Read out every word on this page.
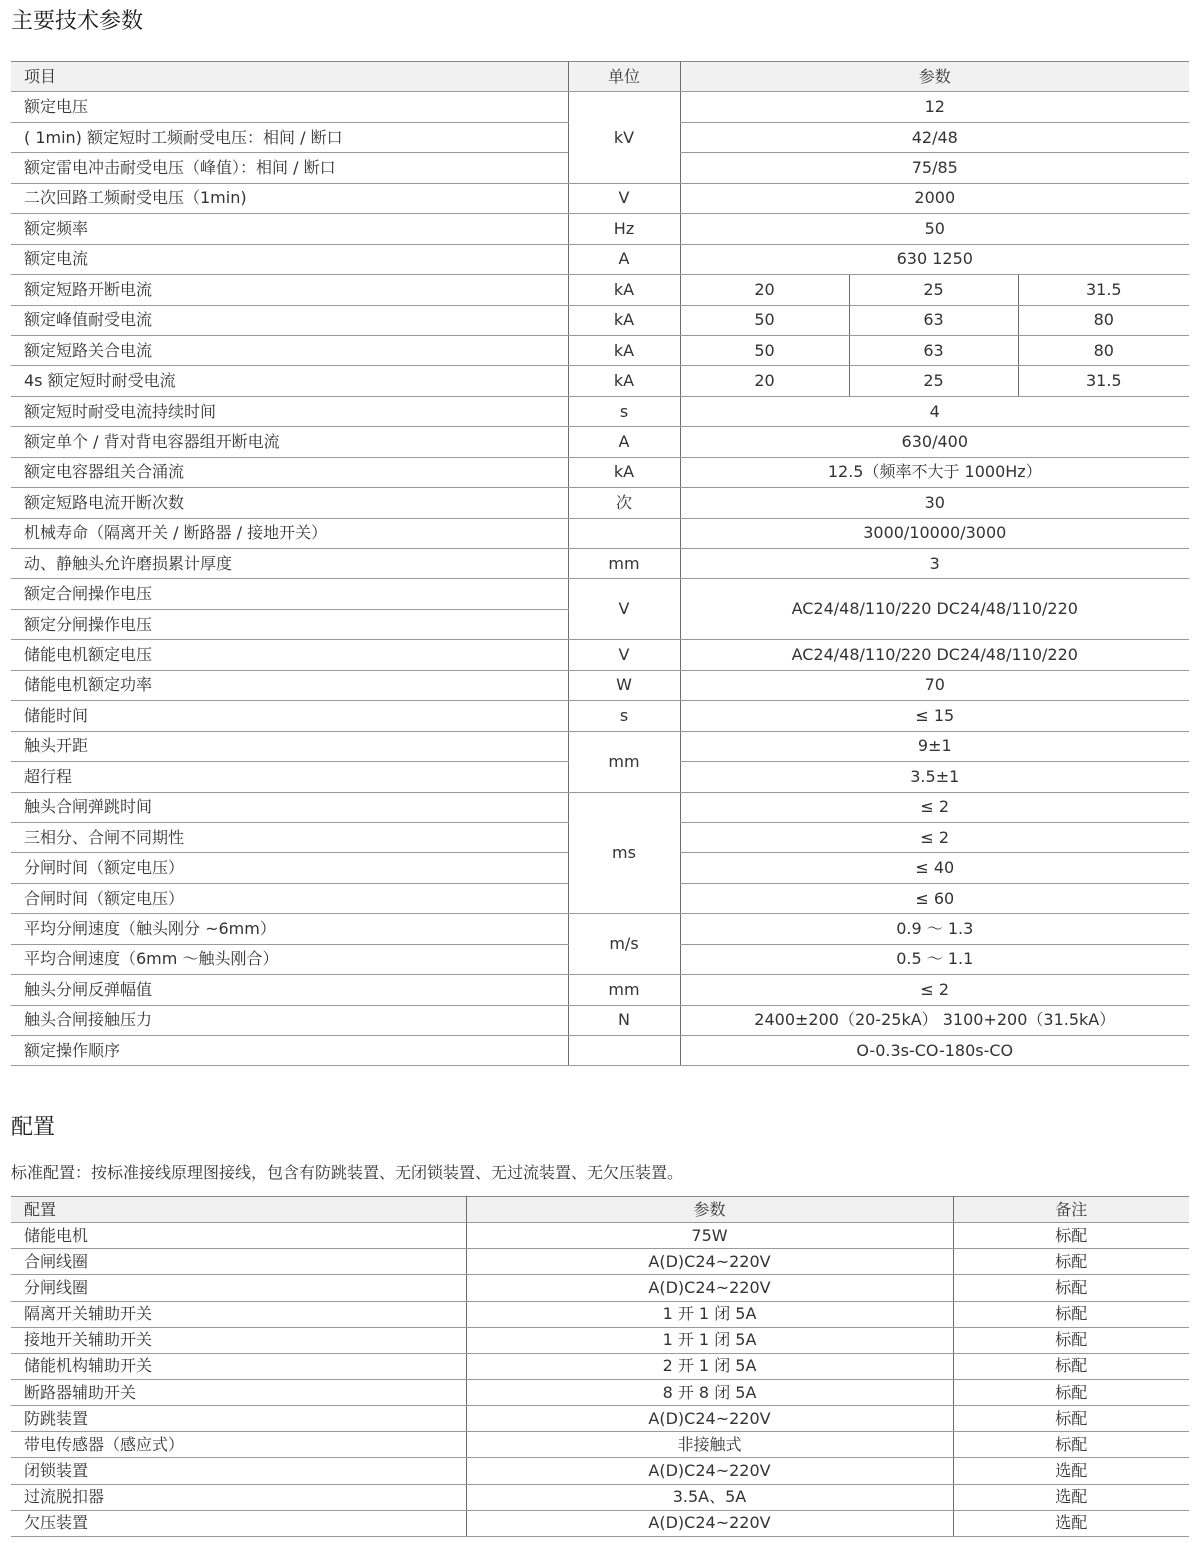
主要技术参数
项目	单位	参数		
额定电压	kV	12		
( 1min) 额定短时工频耐受电压：相间 / 断口		42/48		
额定雷电冲击耐受电压（峰值）：相间 / 断口		75/85		
二次回路工频耐受电压（1min)	V	2000		
额定频率	Hz	50		
额定电流	A	630 1250		
额定短路开断电流	kA	20	25	31.5
额定峰值耐受电流	kA	50	63	80
额定短路关合电流	kA	50	63	80
4s 额定短时耐受电流	kA	20	25	31.5
额定短时耐受电流持续时间	s	4		
额定单个 / 背对背电容器组开断电流	A	630/400		
额定电容器组关合涌流	kA	12.5（频率不大于 1000Hz）		
额定短路电流开断次数	次	30		
机械寿命（隔离开关 / 断路器 / 接地开关）		3000/10000/3000		
动、静触头允许磨损累计厚度	mm	3		
额定合闸操作电压	V	AC24/48/110/220 DC24/48/110/220		
额定分闸操作电压				
储能电机额定电压	V	AC24/48/110/220 DC24/48/110/220		
储能电机额定功率	W	70		
储能时间	s	≤ 15		
触头开距	mm	9±1		
超行程		3.5±1		
触头合闸弹跳时间	ms	≤ 2		
三相分、合闸不同期性		≤ 2		
分闸时间（额定电压）		≤ 40		
合闸时间（额定电压）		≤ 60		
平均分闸速度（触头刚分 ~6mm）	m/s	0.9 ～ 1.3		
平均合闸速度（6mm ～触头刚合）		0.5 ～ 1.1		
触头分闸反弹幅值	mm	≤ 2		
触头合闸接触压力	N	2400±200（20-25kA） 3100+200（31.5kA）		
额定操作顺序		O-0.3s-CO-180s-CO		
配置

标准配置：按标准接线原理图接线，包含有防跳装置、无闭锁装置、无过流装置、无欠压装置。

配置	参数	备注
储能电机	75W	标配
合闸线圈	A(D)C24~220V	标配
分闸线圈	A(D)C24~220V	标配
隔离开关辅助开关	1 开 1 闭 5A	标配
接地开关辅助开关	1 开 1 闭 5A	标配
储能机构辅助开关	2 开 1 闭 5A	标配
断路器辅助开关	8 开 8 闭 5A	标配
防跳装置	A(D)C24~220V	标配
带电传感器（感应式）	非接触式	标配
闭锁装置	A(D)C24~220V	选配
过流脱扣器	3.5A、5A	选配
欠压装置	A(D)C24~220V	选配
